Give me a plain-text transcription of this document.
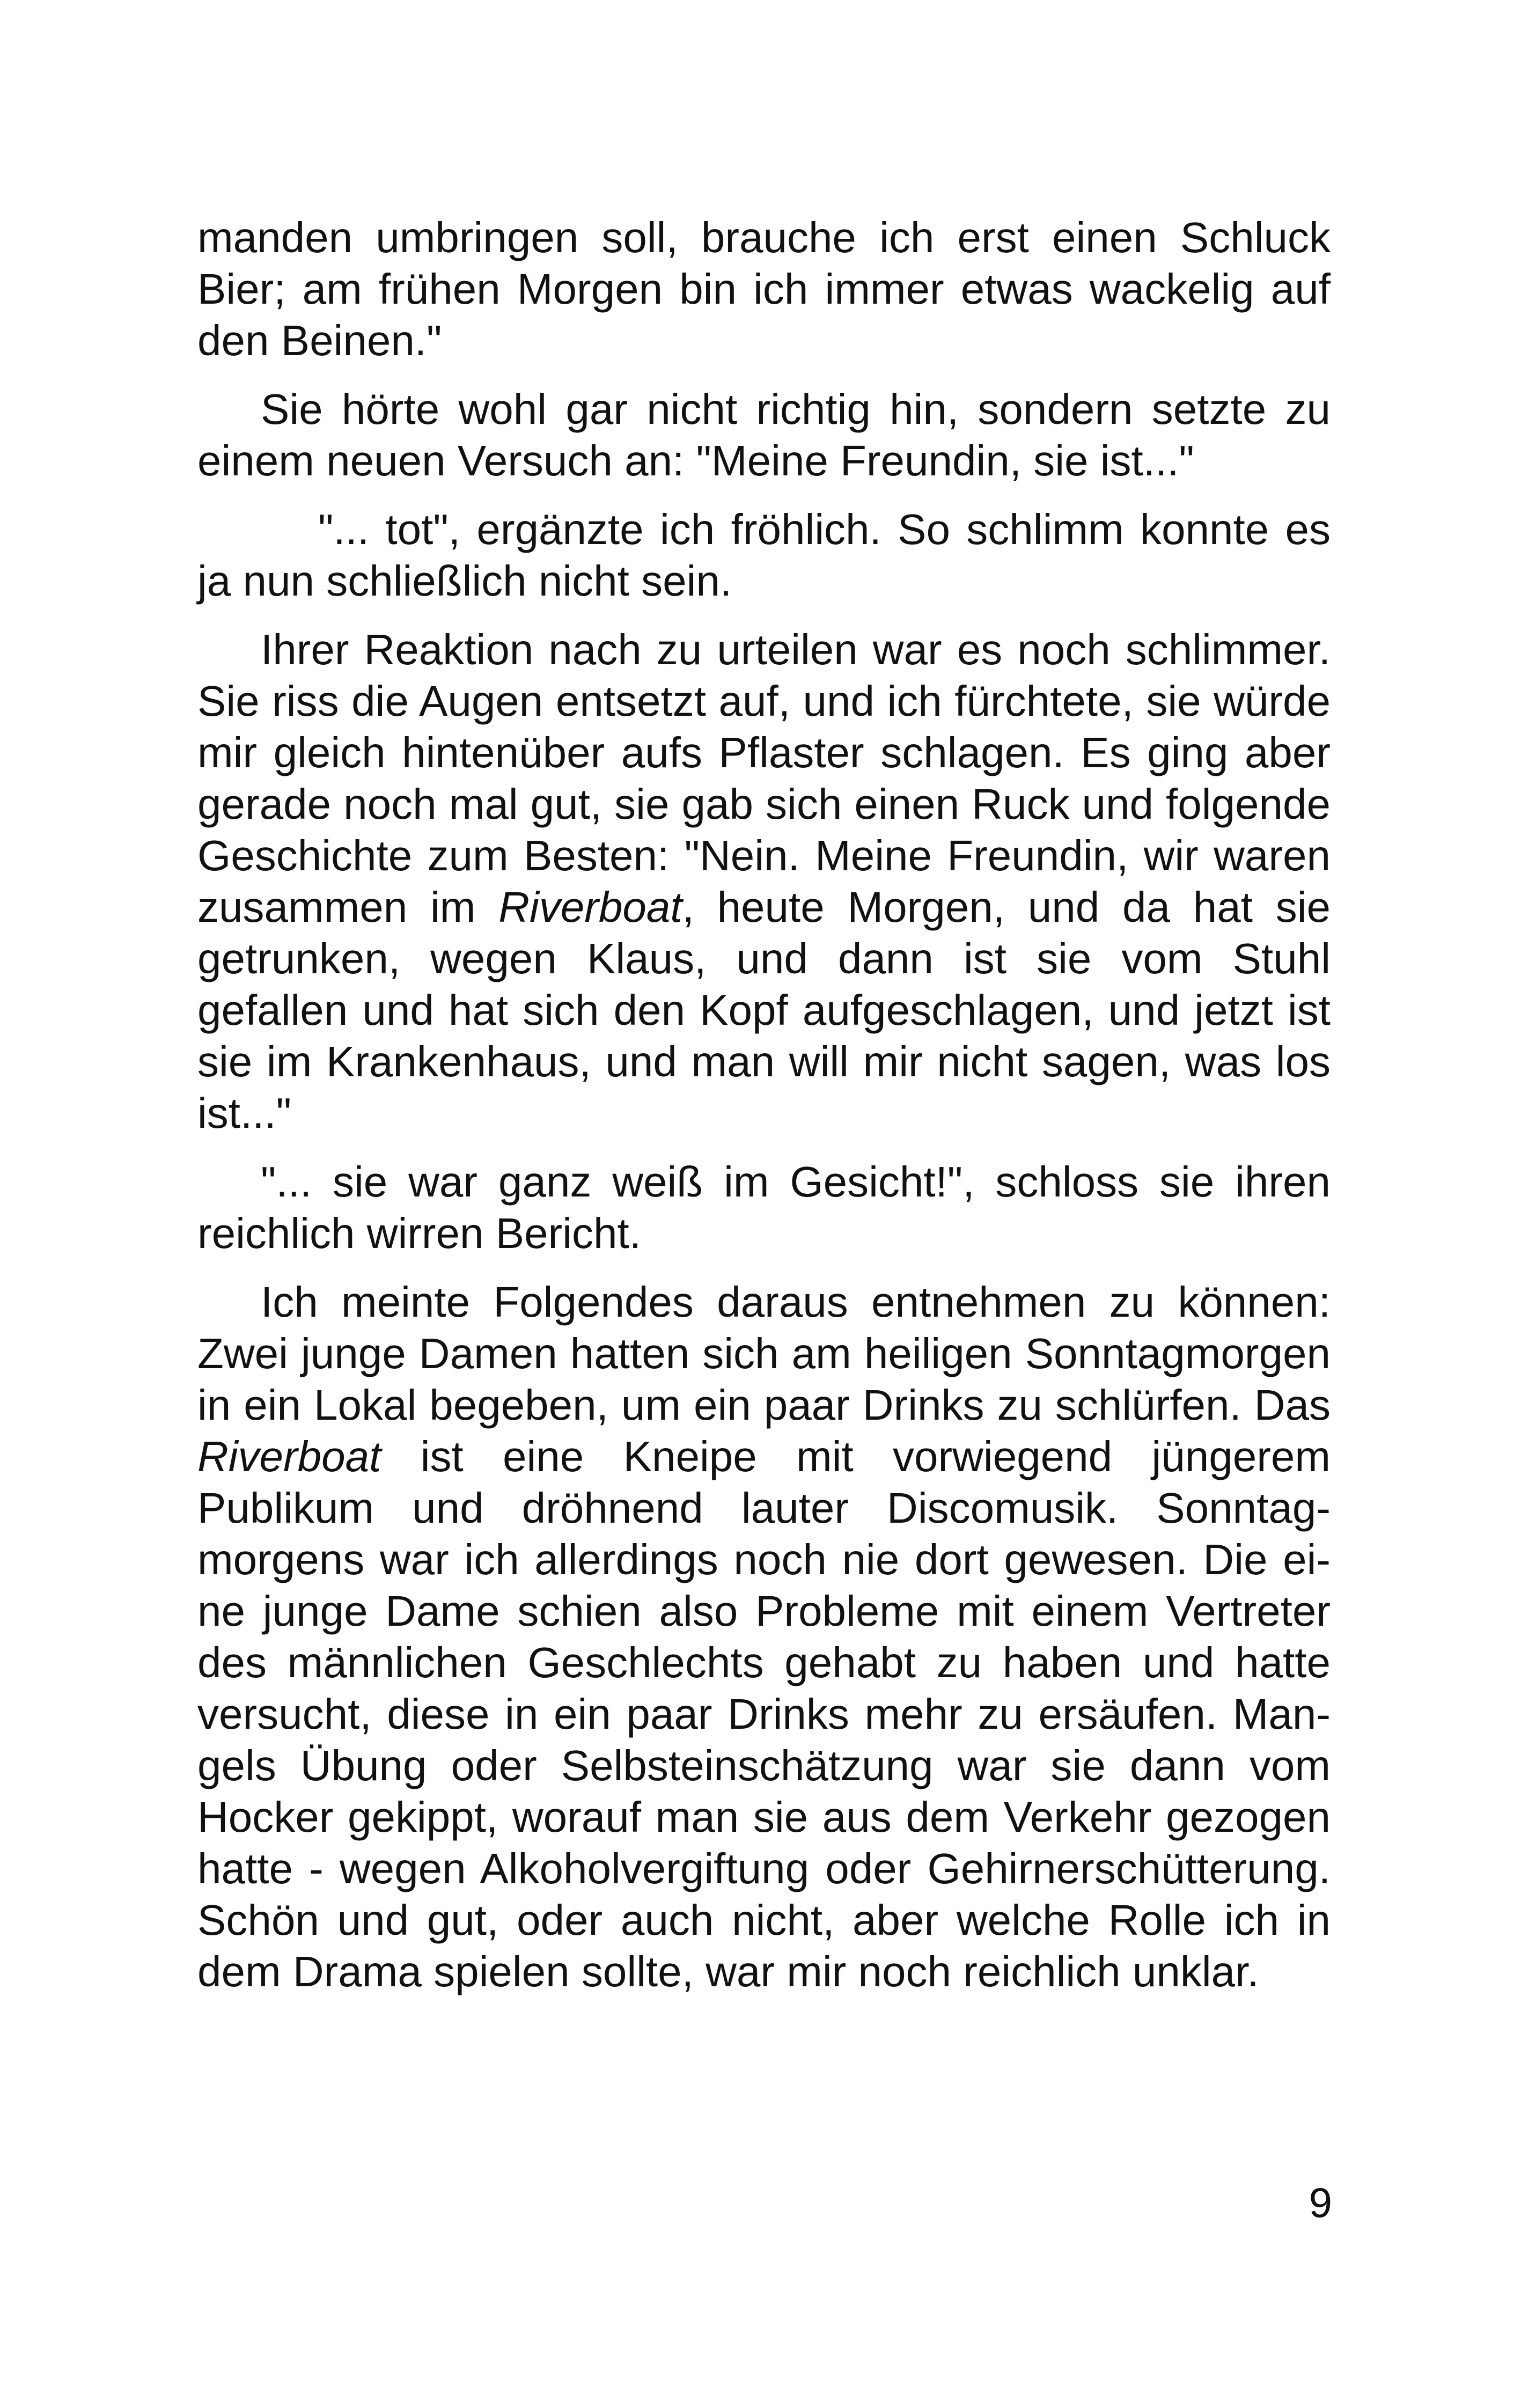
manden umbringen soll, brauche ich erst einen Schluck Bier; am frühen Morgen bin ich immer etwas wackelig auf den Beinen."

Sie hörte wohl gar nicht richtig hin, sondern setzte zu einem neuen Versuch an: "Meine Freundin, sie ist..."

"... tot", ergänzte ich fröhlich. So schlimm konnte es ja nun schließlich nicht sein.

Ihrer Reaktion nach zu urteilen war es noch schlimmer. Sie riss die Augen entsetzt auf, und ich fürchtete, sie würde mir gleich hintenüber aufs Pflaster schlagen. Es ging aber gerade noch mal gut, sie gab sich einen Ruck und folgende Geschichte zum Besten: "Nein. Meine Freundin, wir waren zusammen im Riverboat, heute Morgen, und da hat sie getrunken, wegen Klaus, und dann ist sie vom Stuhl gefallen und hat sich den Kopf aufgeschlagen, und jetzt ist sie im Krankenhaus, und man will mir nicht sagen, was los ist..."

"... sie war ganz weiß im Gesicht!", schloss sie ihren reichlich wirren Bericht.

Ich meinte Folgendes daraus entnehmen zu können: Zwei junge Damen hatten sich am heiligen Sonntagmorgen in ein Lokal begeben, um ein paar Drinks zu schlürfen. Das Riverboat ist eine Kneipe mit vorwiegend jüngerem Publikum und dröhnend lauter Discomusik. Sonntagmorgens war ich allerdings noch nie dort gewesen. Die eine junge Dame schien also Probleme mit einem Vertreter des männlichen Geschlechts gehabt zu haben und hatte versucht, diese in ein paar Drinks mehr zu ersäufen. Mangels Übung oder Selbsteinschätzung war sie dann vom Hocker gekippt, worauf man sie aus dem Verkehr gezogen hatte - wegen Alkoholvergiftung oder Gehirnerschütterung. Schön und gut, oder auch nicht, aber welche Rolle ich in dem Drama spielen sollte, war mir noch reichlich unklar.

9
